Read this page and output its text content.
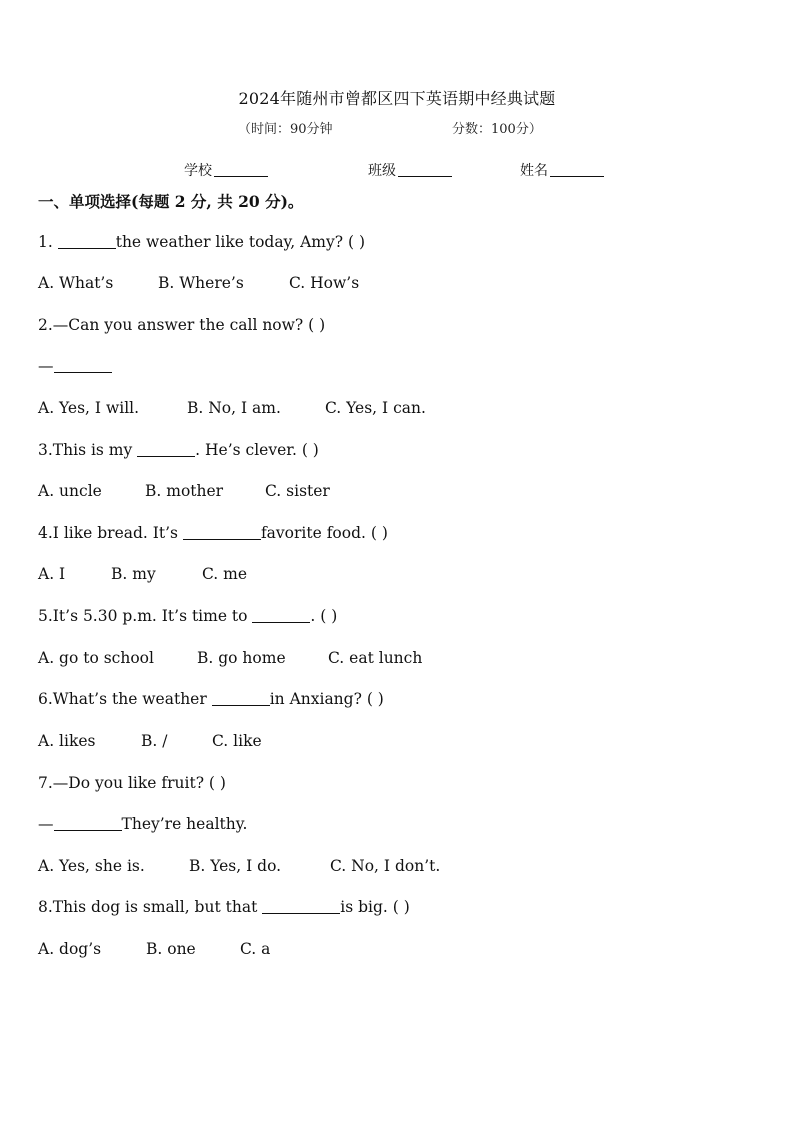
2024年随州市曾都区四下英语期中经典试题
（时间：90分钟	分数：100分）
学校	班级	姓名
一、单项选择(每题 2 分, 共 20 分)。
1.	the weather like today, Amy? ( )
A. What’s	B. Where’s	C. How’s
2.—Can you answer the call now? ( )
—
A. Yes, I will.	B. No, I am.	C. Yes, I can.
3.This is my	. He’s clever. ( )
A. uncle	B. mother	C. sister
4.I like bread. It’s	favorite food. ( )
A. I	B. my	C. me
5.It’s 5.30 p.m. It’s time to	. ( )
A. go to school	B. go home	C. eat lunch
6.What’s the weather	in Anxiang? ( )
A. likes	B. /	C. like
7.—Do you like fruit? ( )
—	They’re healthy.
A. Yes, she is.	B. Yes, I do.	C. No, I don’t.
8.This dog is small, but that	is big. ( )
A. dog’s	B. one	C. a
